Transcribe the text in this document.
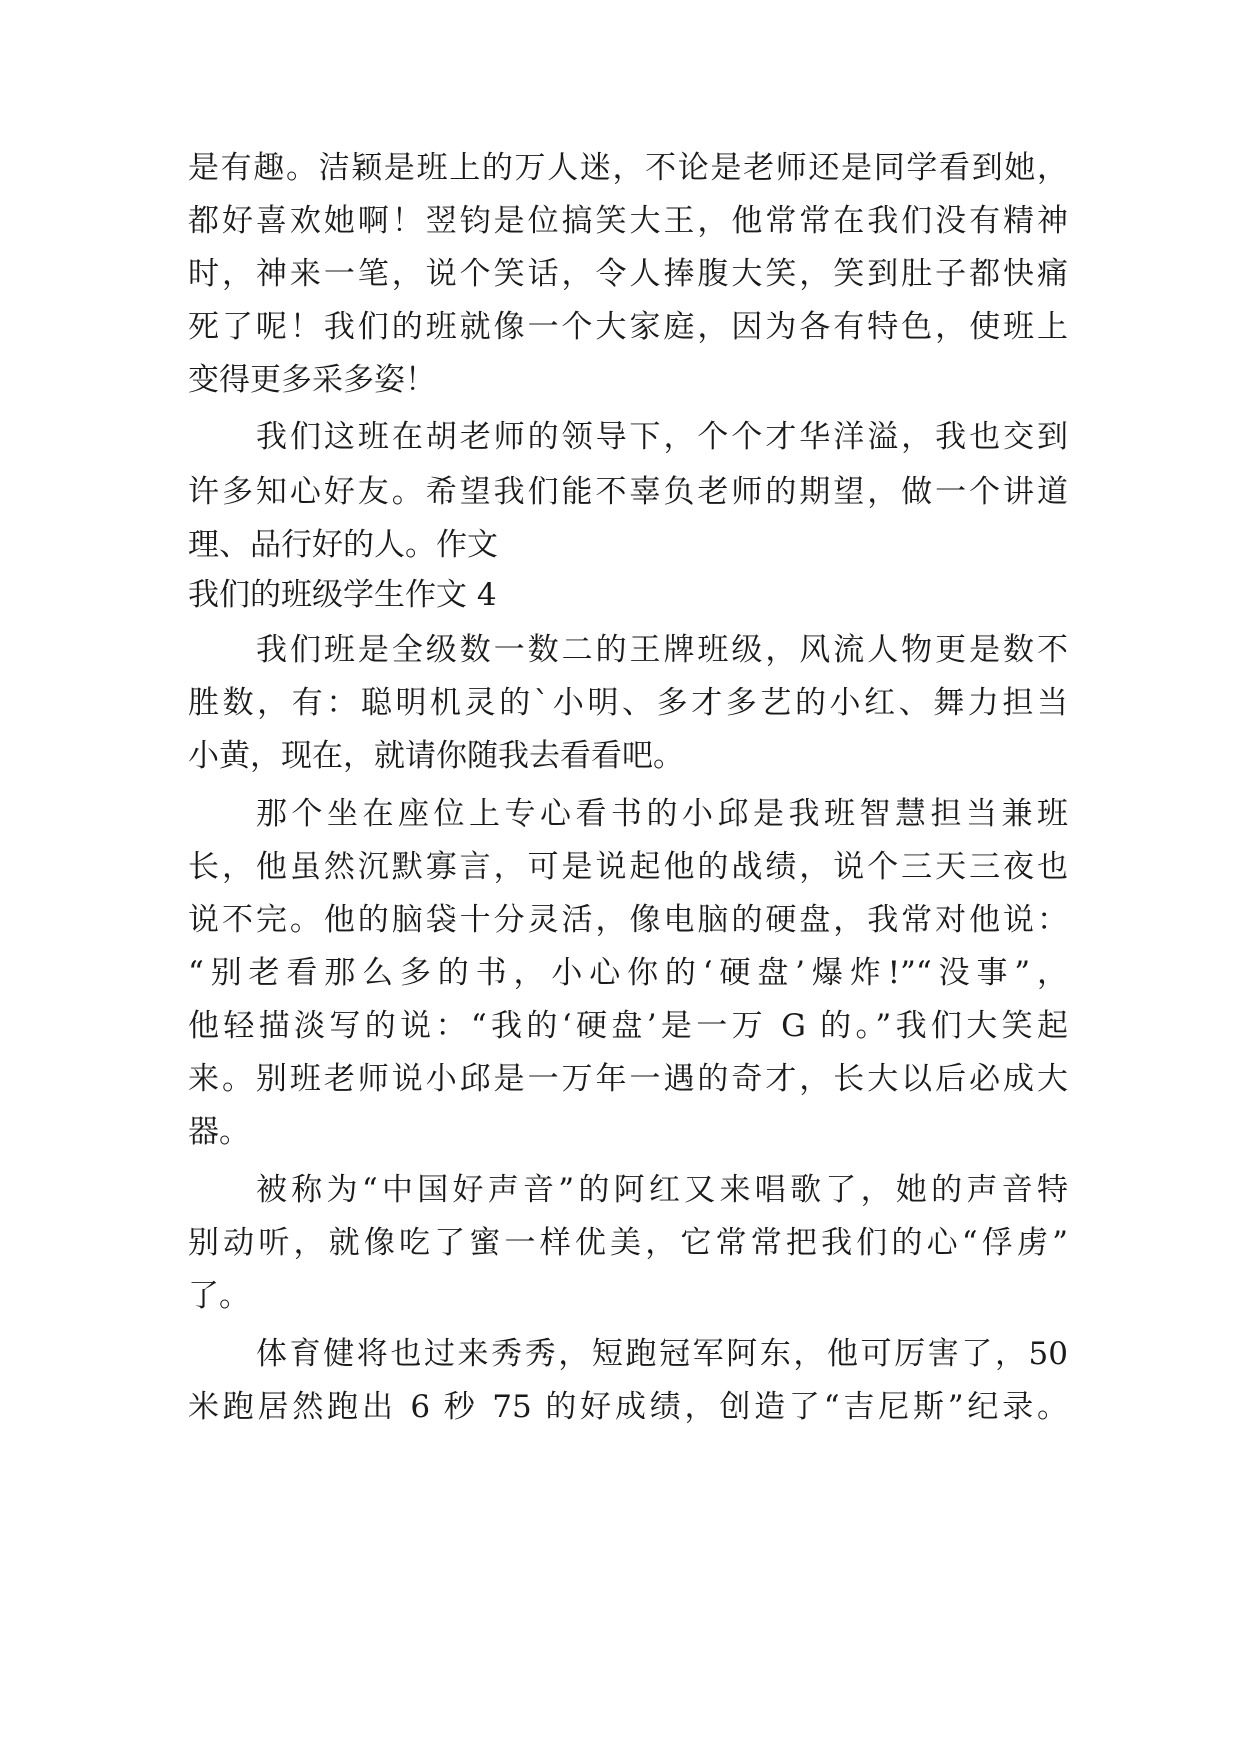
是有趣。洁颖是班上的万人迷，不论是老师还是同学看到她，
都好喜欢她啊！翌钧是位搞笑大王，他常常在我们没有精神
时，神来一笔，说个笑话，令人捧腹大笑，笑到肚子都快痛
死了呢！我们的班就像一个大家庭，因为各有特色，使班上
变得更多采多姿！
我们这班在胡老师的领导下，个个才华洋溢，我也交到
许多知心好友。希望我们能不辜负老师的期望，做一个讲道
理、品行好的人。作文
我们的班级学生作文 4
我们班是全级数一数二的王牌班级，风流人物更是数不
胜数，有：聪明机灵的`小明、多才多艺的小红、舞力担当
小黄，现在，就请你随我去看看吧。
那个坐在座位上专心看书的小邱是我班智慧担当兼班
长，他虽然沉默寡言，可是说起他的战绩，说个三天三夜也
说不完。他的脑袋十分灵活，像电脑的硬盘，我常对他说：
“别老看那么多的书，小心你的‘硬盘’爆炸!”“没事”，
他轻描淡写的说：“我的‘硬盘’是一万 G 的。”我们大笑起
来。别班老师说小邱是一万年一遇的奇才，长大以后必成大
器。
被称为“中国好声音”的阿红又来唱歌了，她的声音特
别动听，就像吃了蜜一样优美，它常常把我们的心“俘虏”
了。
体育健将也过来秀秀，短跑冠军阿东，他可厉害了，50
米跑居然跑出 6 秒 75 的好成绩，创造了“吉尼斯”纪录。
